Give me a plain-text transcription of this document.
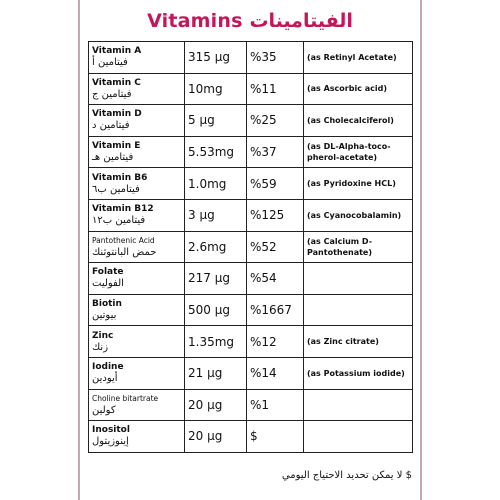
Vitamins الفيتامينات
Vitamin A
فيتامين أ	315 μg	%35	(as Retinyl Acetate)

Vitamin C
فيتامين ج	10mg	%11	(as Ascorbic acid)

Vitamin D
فيتامين د	5 μg	%25	(as Cholecalciferol)

Vitamin E
فيتامين هـ	5.53mg	%37	(as DL-Alpha-toco-pherol-acetate)

Vitamin B6
فيتامين ب٦	1.0mg	%59	(as Pyridoxine HCL)

Vitamin B12
فيتامين ب١٢	3 μg	%125	(as Cyanocobalamin)

Pantothenic Acid
حمض البانتوثنك	2.6mg	%52	(as Calcium D-Pantothenate)

Folate
الفوليت	217 μg	%54	

Biotin
بيوتين	500 μg	%1667	

Zinc
زنك	1.35mg	%12	(as Zinc citrate)

Iodine
أيودين	21 μg	%14	(as Potassium iodide)

Choline bitartrate
كولين	20 μg	%1	

Inositol
إينوزيتول	20 μg	$	
$ لا يمكن تحديد الاحتياج اليومي
